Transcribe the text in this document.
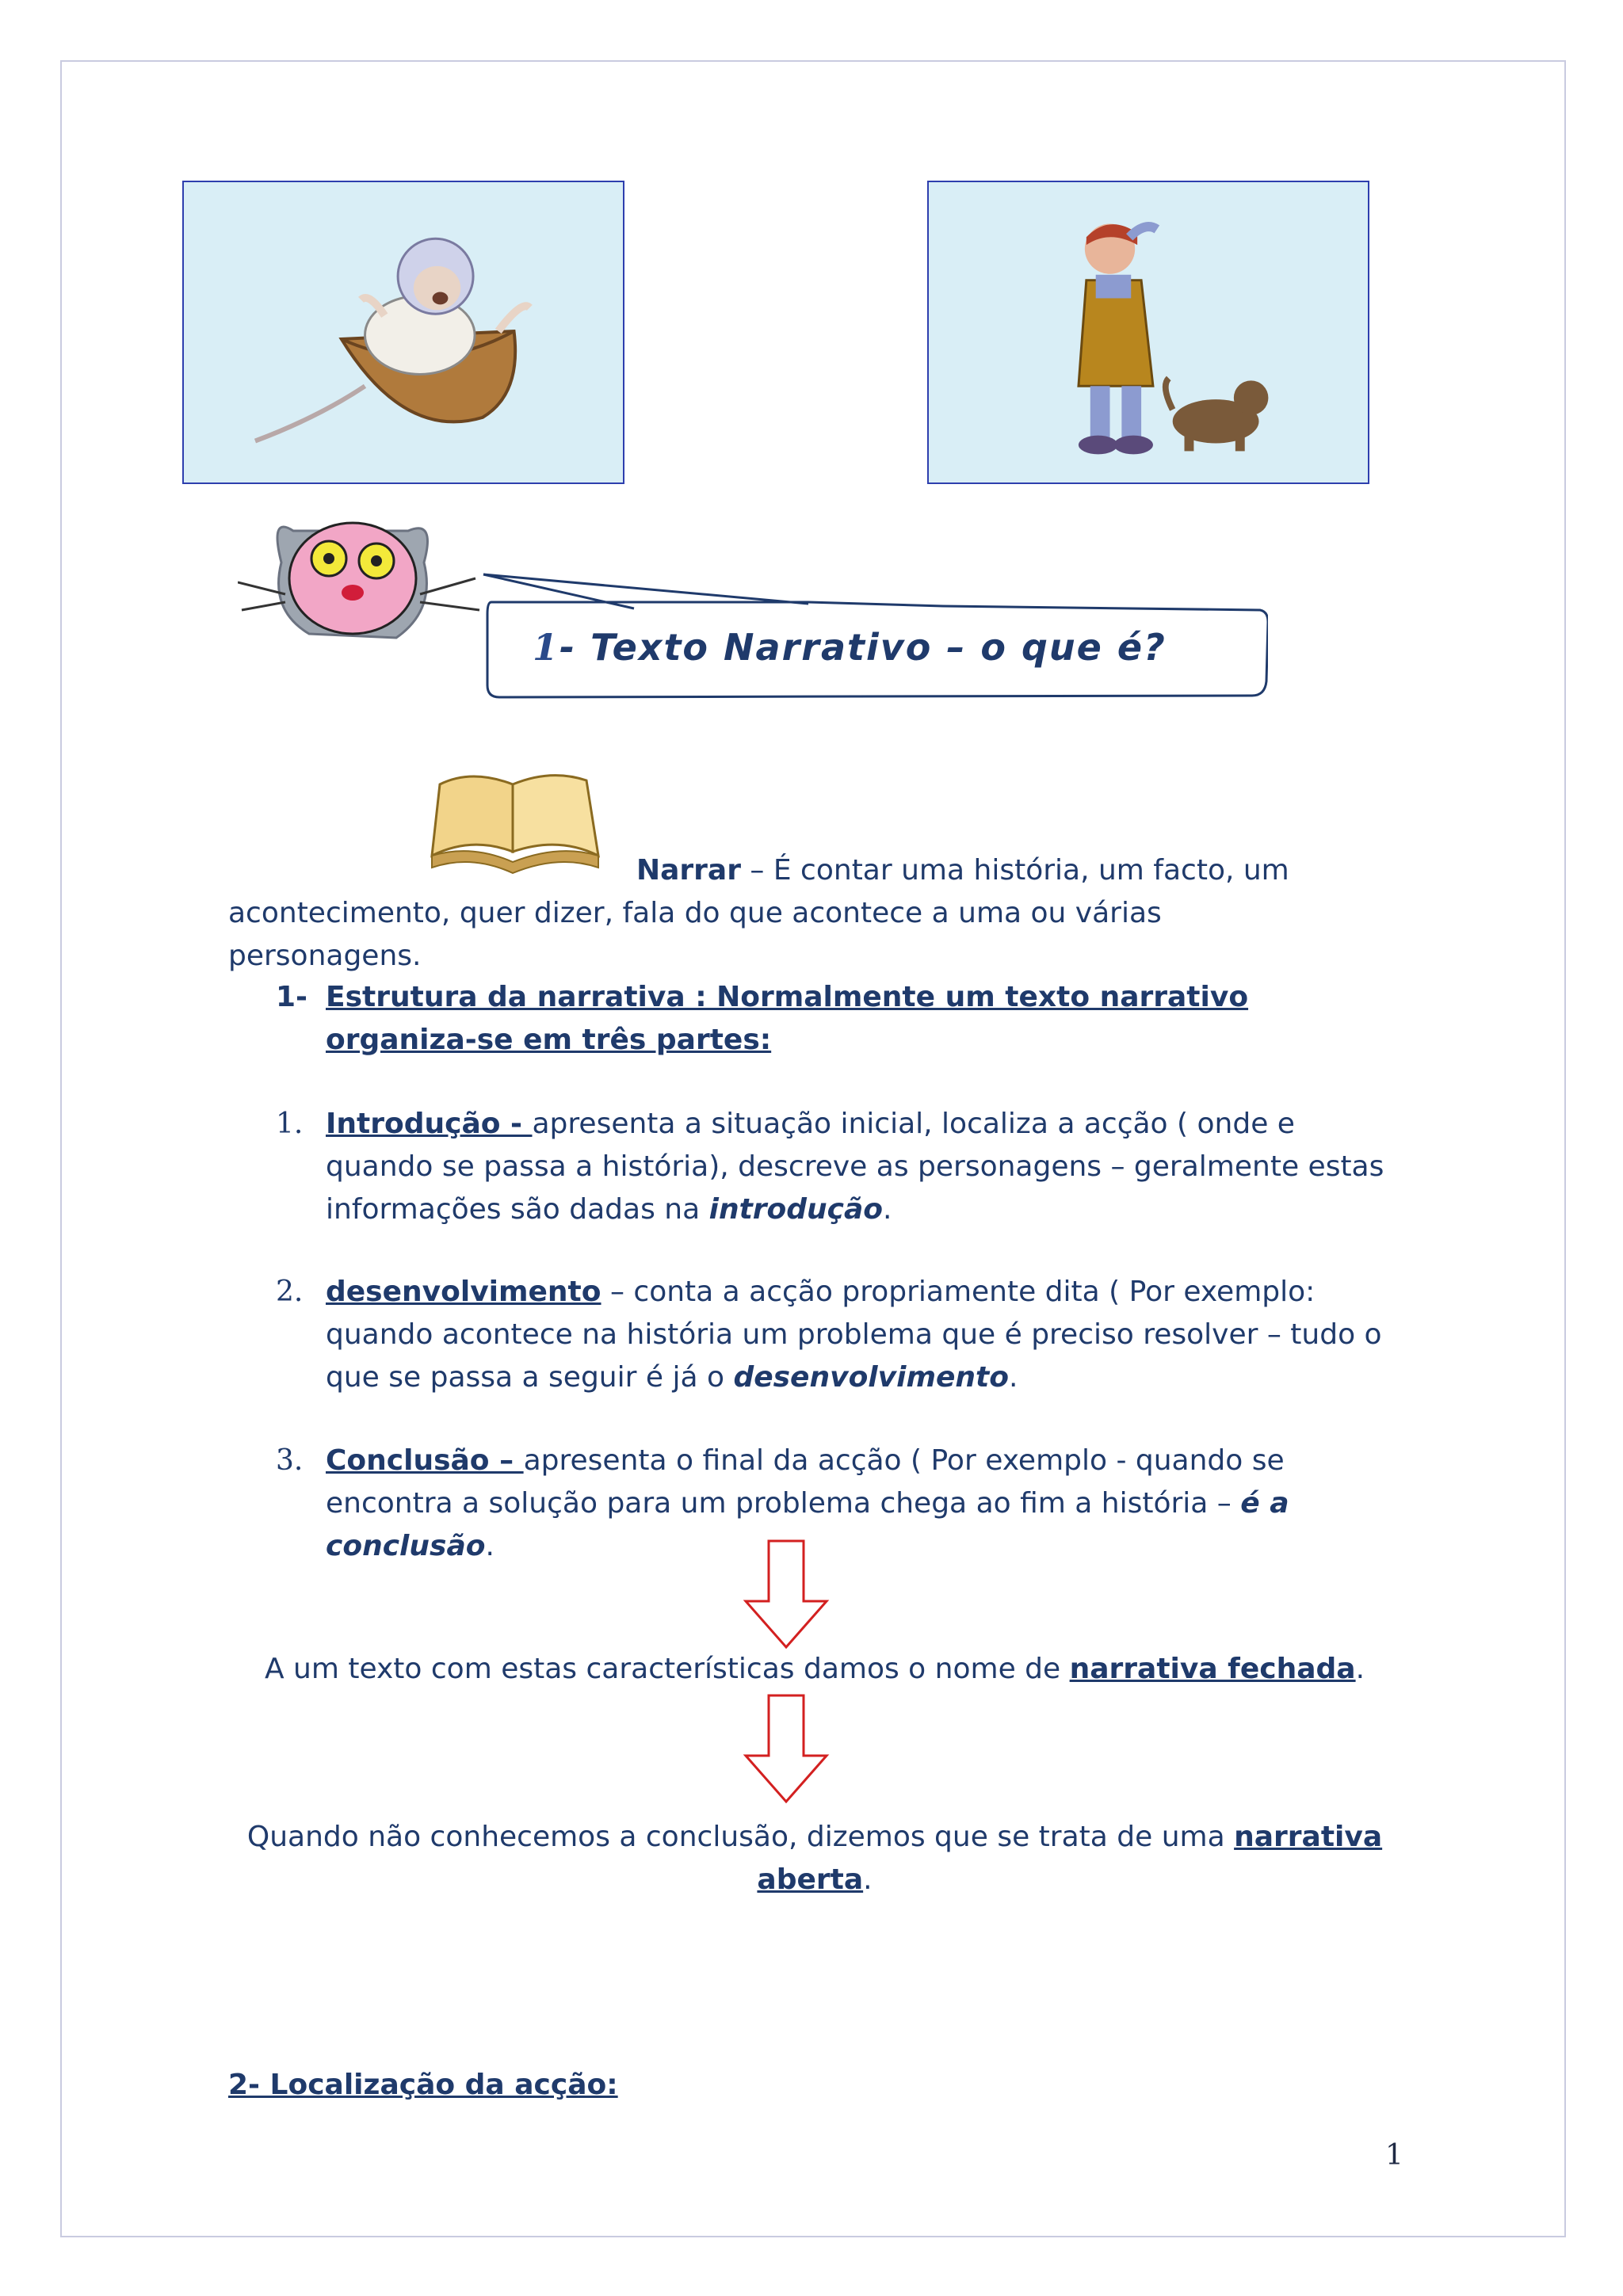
1- Texto Narrativo – o que é?
Narrar – É contar uma história, um facto, um
acontecimento, quer dizer, fala do que acontece a uma ou várias personagens.
1- Estrutura da narrativa : Normalmente um texto narrativo organiza-se em três partes:
1. Introdução - apresenta a situação inicial, localiza a acção ( onde e quando se passa a história), descreve as personagens – geralmente estas informações são dadas na introdução.
2. desenvolvimento – conta a acção propriamente dita ( Por exemplo: quando acontece na história um problema que é preciso resolver – tudo o que se passa a seguir é já o desenvolvimento.
3. Conclusão – apresenta o final da acção ( Por exemplo - quando se encontra a solução para um problema chega ao fim a história – é a conclusão.
A um texto com estas características damos o nome de narrativa fechada.
Quando não conhecemos a conclusão, dizemos que se trata de uma narrativa aberta.
2- Localização da acção:
1
